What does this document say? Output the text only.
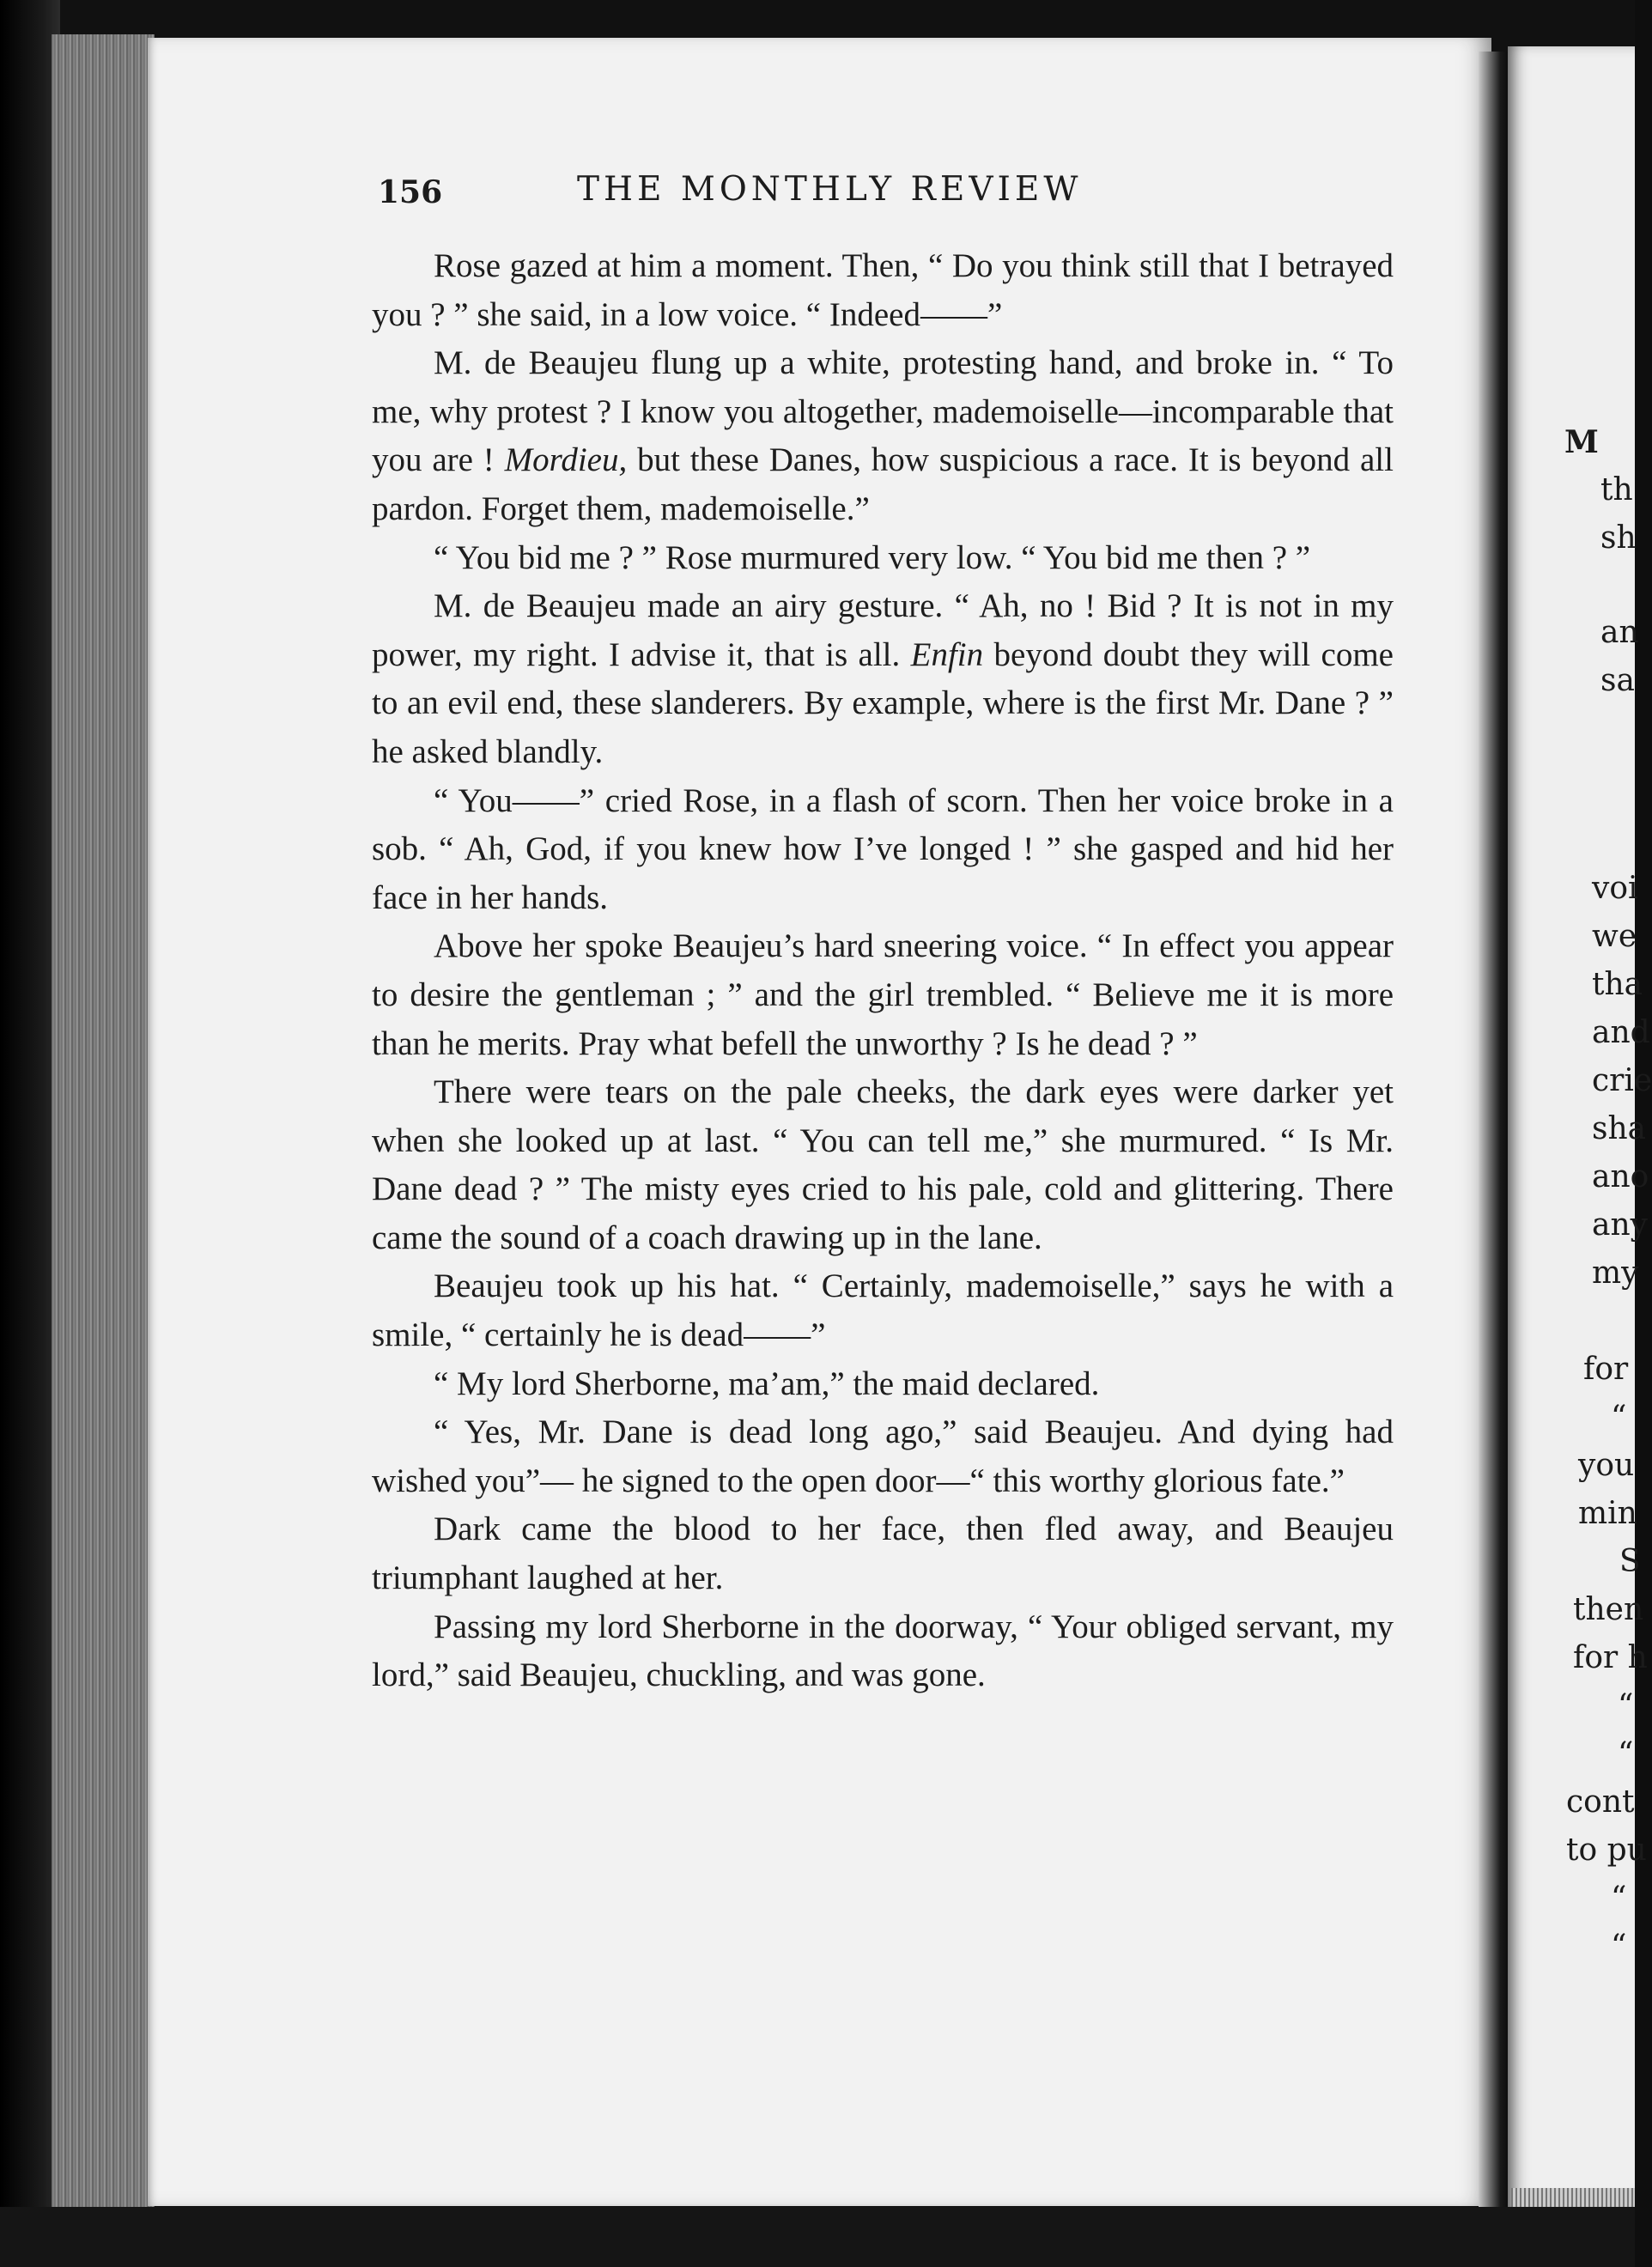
156	THE MONTHLY REVIEW

Rose gazed at him a moment. Then, “ Do you think still that I betrayed you ? ” she said, in a low voice. “ Indeed——”

M. de Beaujeu flung up a white, protesting hand, and broke in. “ To me, why protest ? I know you altogether, mademoiselle—incomparable that you are ! Mordieu, but these Danes, how suspicious a race. It is beyond all pardon. Forget them, mademoiselle.”

“ You bid me ? ” Rose murmured very low. “ You bid me then ? ”

M. de Beaujeu made an airy gesture. “ Ah, no ! Bid ? It is not in my power, my right. I advise it, that is all. Enfin beyond doubt they will come to an evil end, these slanderers. By example, where is the first Mr. Dane ? ” he asked blandly.

“ You——” cried Rose, in a flash of scorn. Then her voice broke in a sob. “ Ah, God, if you knew how I’ve longed ! ” she gasped and hid her face in her hands.

Above her spoke Beaujeu’s hard sneering voice. “ In effect you appear to desire the gentleman ; ” and the girl trembled. “ Believe me it is more than he merits. Pray what befell the unworthy ? Is he dead ? ”

There were tears on the pale cheeks, the dark eyes were darker yet when she looked up at last. “ You can tell me,” she murmured. “ Is Mr. Dane dead ? ” The misty eyes cried to his pale, cold and glittering. There came the sound of a coach drawing up in the lane.

Beaujeu took up his hat. “ Certainly, mademoiselle,” says he with a smile, “ certainly he is dead——”

“ My lord Sherborne, ma’am,” the maid declared.

“ Yes, Mr. Dane is dead long ago,” said Beaujeu. And dying had wished you”— he signed to the open door—“ this worthy glorious fate.”

Dark came the blood to her face, then fled away, and Beaujeu triumphant laughed at her.

Passing my lord Sherborne in the doorway, “ Your obliged servant, my lord,” said Beaujeu, chuckling, and was gone.

M
th
sh
an
sa
voi
we
tha
and
crie
sha
ano
any
my
for
“
you
min
S
then
for h
“
“
cont
to pu
“
“
